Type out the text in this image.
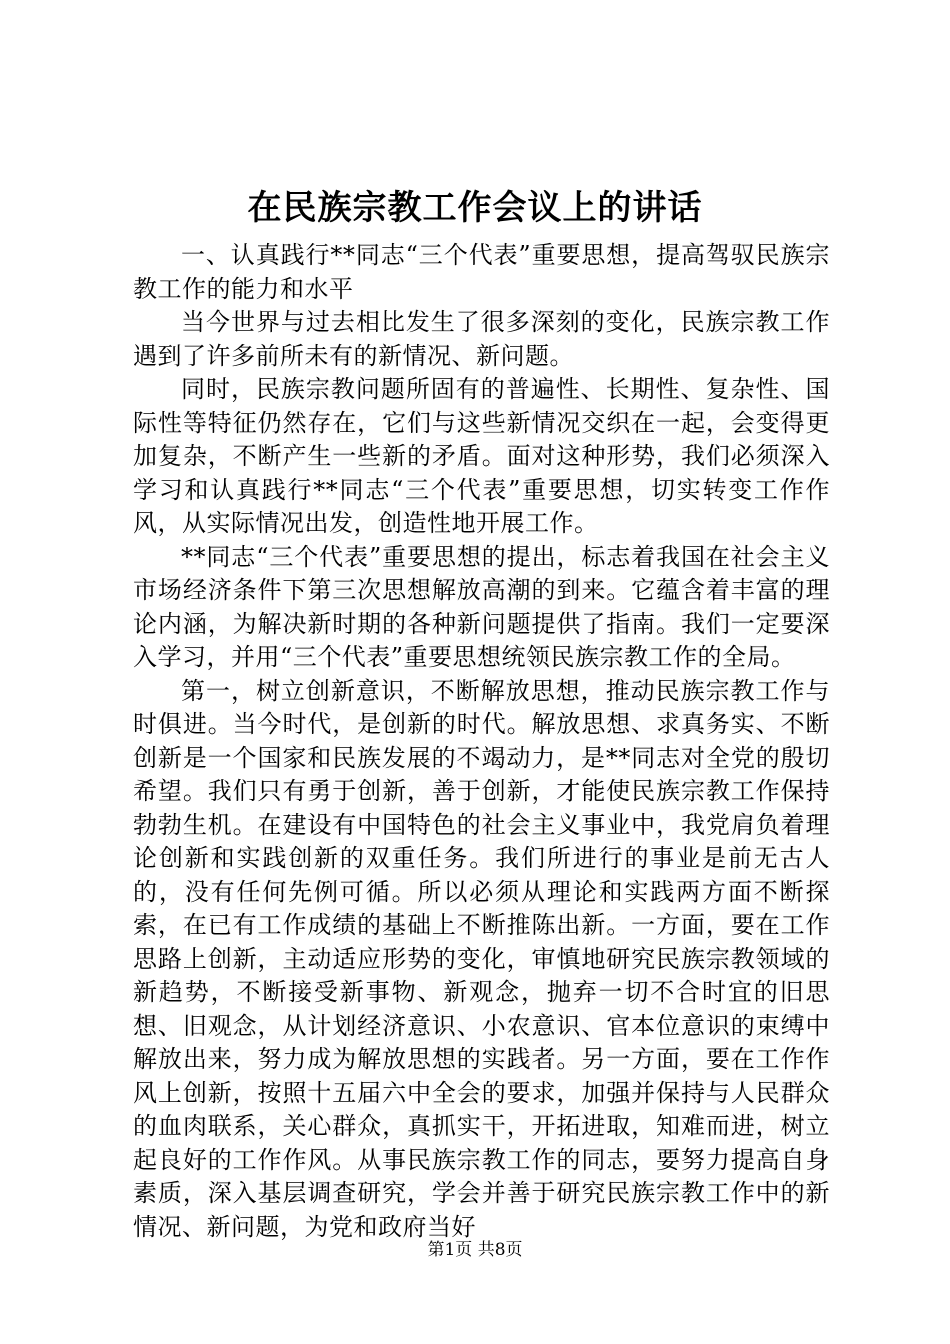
在民族宗教工作会议上的讲话

一、认真践行**同志“三个代表”重要思想，提高驾驭民族宗教工作的能力和水平

当今世界与过去相比发生了很多深刻的变化，民族宗教工作遇到了许多前所未有的新情况、新问题。

同时，民族宗教问题所固有的普遍性、长期性、复杂性、国际性等特征仍然存在，它们与这些新情况交织在一起，会变得更加复杂，不断产生一些新的矛盾。面对这种形势，我们必须深入学习和认真践行**同志“三个代表”重要思想，切实转变工作作风，从实际情况出发，创造性地开展工作。

**同志“三个代表”重要思想的提出，标志着我国在社会主义市场经济条件下第三次思想解放高潮的到来。它蕴含着丰富的理论内涵，为解决新时期的各种新问题提供了指南。我们一定要深入学习，并用“三个代表”重要思想统领民族宗教工作的全局。

第一，树立创新意识，不断解放思想，推动民族宗教工作与时俱进。当今时代，是创新的时代。解放思想、求真务实、不断创新是一个国家和民族发展的不竭动力，是**同志对全党的殷切希望。我们只有勇于创新，善于创新，才能使民族宗教工作保持勃勃生机。在建设有中国特色的社会主义事业中，我党肩负着理论创新和实践创新的双重任务。我们所进行的事业是前无古人的，没有任何先例可循。所以必须从理论和实践两方面不断探索，在已有工作成绩的基础上不断推陈出新。一方面，要在工作思路上创新，主动适应形势的变化，审慎地研究民族宗教领域的新趋势，不断接受新事物、新观念，抛弃一切不合时宜的旧思想、旧观念，从计划经济意识、小农意识、官本位意识的束缚中解放出来，努力成为解放思想的实践者。另一方面，要在工作作风上创新，按照十五届六中全会的要求，加强并保持与人民群众的血肉联系，关心群众，真抓实干，开拓进取，知难而进，树立起良好的工作作风。从事民族宗教工作的同志，要努力提高自身素质，深入基层调查研究，学会并善于研究民族宗教工作中的新情况、新问题，为党和政府当好

第1页 共8页
